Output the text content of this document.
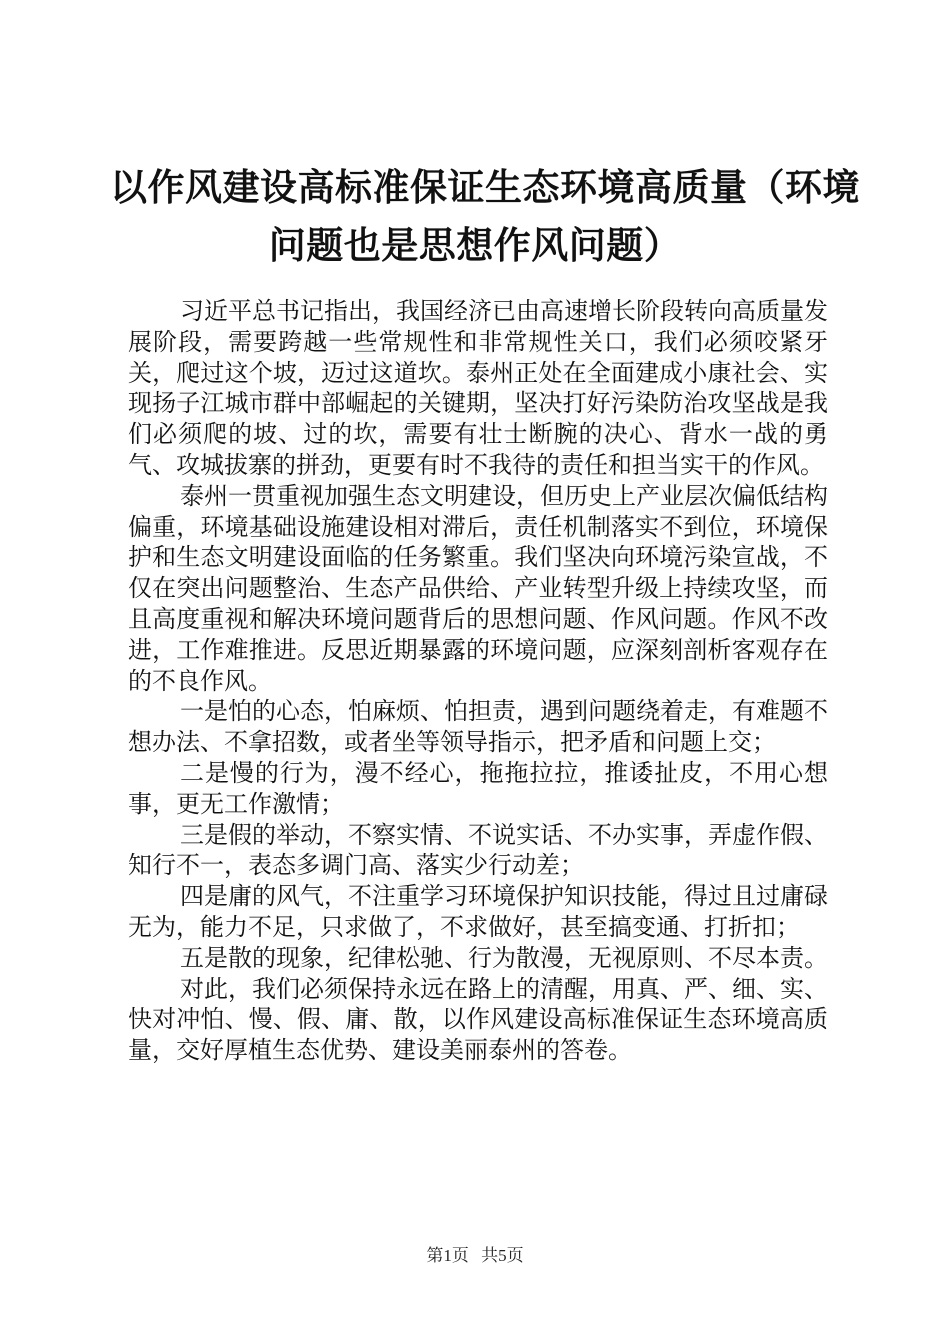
以作风建设高标准保证生态环境高质量（环境
问题也是思想作风问题）

习近平总书记指出，我国经济已由高速增长阶段转向高质量发展阶段，需要跨越一些常规性和非常规性关口，我们必须咬紧牙关，爬过这个坡，迈过这道坎。泰州正处在全面建成小康社会、实现扬子江城市群中部崛起的关键期，坚决打好污染防治攻坚战是我们必须爬的坡、过的坎，需要有壮士断腕的决心、背水一战的勇气、攻城拔寨的拼劲，更要有时不我待的责任和担当实干的作风。

泰州一贯重视加强生态文明建设，但历史上产业层次偏低结构偏重，环境基础设施建设相对滞后，责任机制落实不到位，环境保护和生态文明建设面临的任务繁重。我们坚决向环境污染宣战，不仅在突出问题整治、生态产品供给、产业转型升级上持续攻坚，而且高度重视和解决环境问题背后的思想问题、作风问题。作风不改进，工作难推进。反思近期暴露的环境问题，应深刻剖析客观存在的不良作风。

一是怕的心态，怕麻烦、怕担责，遇到问题绕着走，有难题不想办法、不拿招数，或者坐等领导指示，把矛盾和问题上交；

二是慢的行为，漫不经心，拖拖拉拉，推诿扯皮，不用心想事，更无工作激情；

三是假的举动，不察实情、不说实话、不办实事，弄虚作假、知行不一，表态多调门高、落实少行动差；

四是庸的风气，不注重学习环境保护知识技能，得过且过庸碌无为，能力不足，只求做了，不求做好，甚至搞变通、打折扣；

五是散的现象，纪律松驰、行为散漫，无视原则、不尽本责。

对此，我们必须保持永远在路上的清醒，用真、严、细、实、快对冲怕、慢、假、庸、散，以作风建设高标准保证生态环境高质量，交好厚植生态优势、建设美丽泰州的答卷。

第1页 共5页
